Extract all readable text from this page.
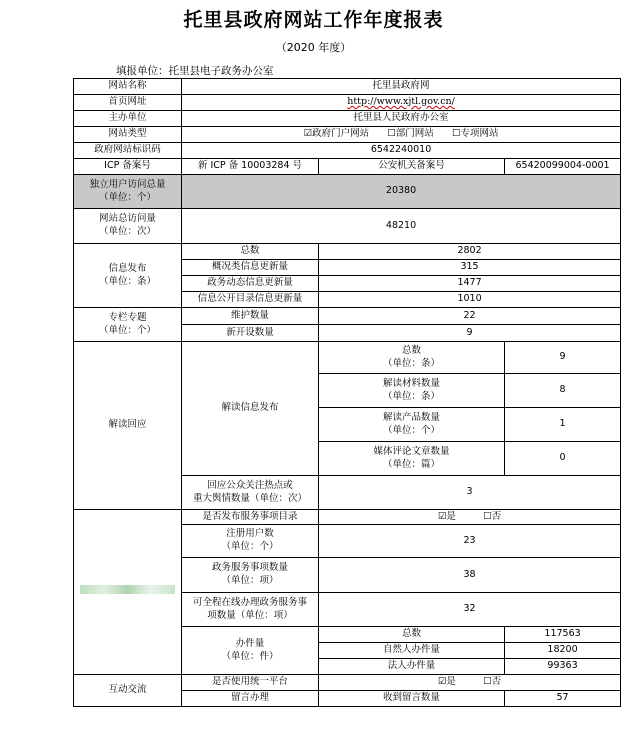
托里县政府网站工作年度报表
（2020 年度）
填报单位：托里县电子政务办公室
网站名称	托里县政府网		
首页网址	http://www.xjtl.gov.cn/		
主办单位	托里县人民政府办公室		
网站类型	☑政府门户网站 ☐部门网站 ☐专项网站		
政府网站标识码	6542240010		
ICP 备案号	新 ICP 备 10003284 号	公安机关备案号	65420099004-0001

独立用户访问总量
（单位：个）	20380		

网站总访问量
（单位：次）	48210		

信息发布
（单位：条）	总数	2802	
	概况类信息更新量	315	
	政务动态信息更新量	1477	
	信息公开目录信息更新量	1010	

专栏专题
（单位：个）	维护数量	22	
	新开设数量	9	
解读回应	解读信息发布	总数
（单位：条）	9

		解读材料数量
（单位：条）	8

		解读产品数量
（单位：个）	1

		媒体评论文章数量
（单位：篇）	0

	回应公众关注热点或
重大舆情数量（单位：次）	3	
	是否发布服务事项目录	☑是 ☐否	

	注册用户数
（单位：个）	23	

	政务服务事项数量
（单位：项）	38	

	可全程在线办理政务服务事
项数量（单位：项）	32	

	办件量
（单位：件）	总数	117563
		自然人办件量	18200
		法人办件量	99363
互动交流	是否使用统一平台	☑是 ☐否	
	留言办理	收到留言数量	57
